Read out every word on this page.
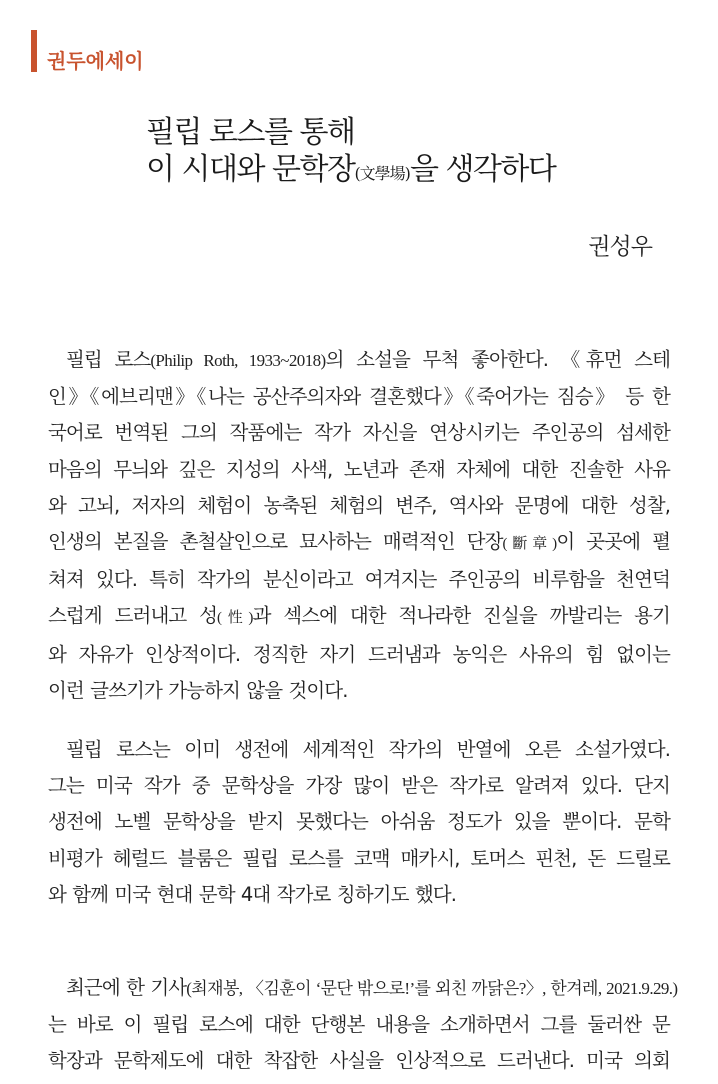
권두에세이
필립 로스를 통해
이 시대와 문학장(文學場)을 생각하다
권성우
필립 로스(Philip Roth, 1933~2018)의 소설을 무척 좋아한다. 《휴먼 스테
인》《에브리맨》《나는 공산주의자와 결혼했다》《죽어가는 짐승》 등 한
국어로 번역된 그의 작품에는 작가 자신을 연상시키는 주인공의 섬세한
마음의 무늬와 깊은 지성의 사색, 노년과 존재 자체에 대한 진솔한 사유
와 고뇌, 저자의 체험이 농축된 체험의 변주, 역사와 문명에 대한 성찰,
인생의 본질을 촌철살인으로 묘사하는 매력적인 단장(斷章)이 곳곳에 펼
쳐져 있다. 특히 작가의 분신이라고 여겨지는 주인공의 비루함을 천연덕
스럽게 드러내고 성(性)과 섹스에 대한 적나라한 진실을 까발리는 용기
와 자유가 인상적이다. 정직한 자기 드러냄과 농익은 사유의 힘 없이는
이런 글쓰기가 가능하지 않을 것이다.
필립 로스는 이미 생전에 세계적인 작가의 반열에 오른 소설가였다.
그는 미국 작가 중 문학상을 가장 많이 받은 작가로 알려져 있다. 단지
생전에 노벨 문학상을 받지 못했다는 아쉬움 정도가 있을 뿐이다. 문학
비평가 헤럴드 블룸은 필립 로스를 코맥 매카시, 토머스 핀천, 돈 드릴로
와 함께 미국 현대 문학 4대 작가로 칭하기도 했다.
최근에 한 기사(최재봉, 〈김훈이 ‘문단 밖으로!’를 외친 까닭은?〉, 한겨레, 2021.9.29.)
는 바로 이 필립 로스에 대한 단행본 내용을 소개하면서 그를 둘러싼 문
학장과 문학제도에 대한 착잡한 사실을 인상적으로 드러낸다. 미국 의회
